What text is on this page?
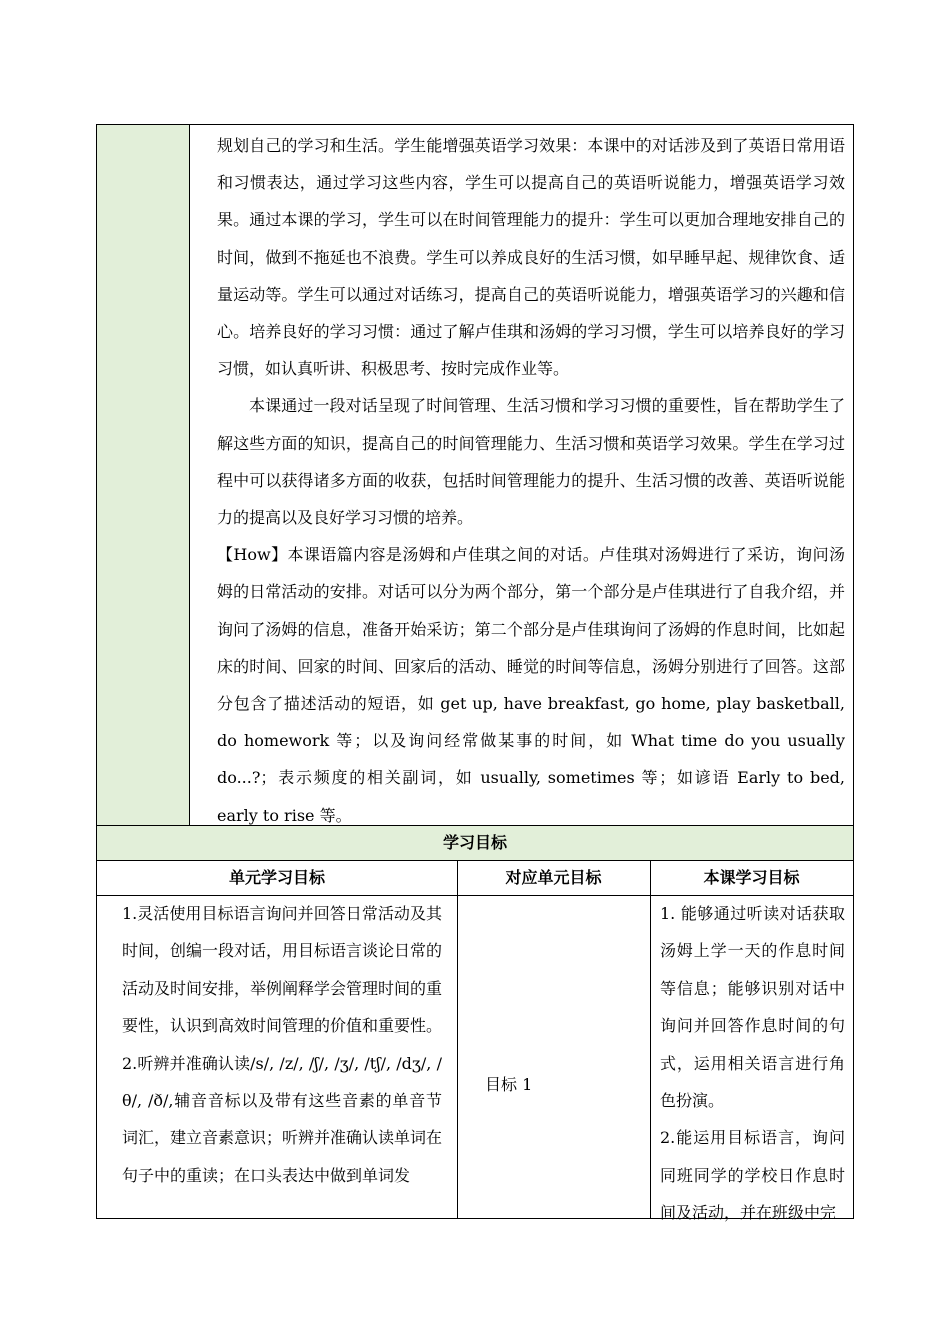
规划自己的学习和生活。学生能增强英语学习效果：本课中的对话涉及到了英语日常用语和习惯表达，通过学习这些内容，学生可以提高自己的英语听说能力，增强英语学习效果。通过本课的学习，学生可以在时间管理能力的提升：学生可以更加合理地安排自己的时间，做到不拖延也不浪费。学生可以养成良好的生活习惯，如早睡早起、规律饮食、适量运动等。学生可以通过对话练习，提高自己的英语听说能力，增强英语学习的兴趣和信心。培养良好的学习习惯：通过了解卢佳琪和汤姆的学习习惯，学生可以培养良好的学习习惯，如认真听讲、积极思考、按时完成作业等。

本课通过一段对话呈现了时间管理、生活习惯和学习习惯的重要性，旨在帮助学生了解这些方面的知识，提高自己的时间管理能力、生活习惯和英语学习效果。学生在学习过程中可以获得诸多方面的收获，包括时间管理能力的提升、生活习惯的改善、英语听说能力的提高以及良好学习习惯的培养。

【How】本课语篇内容是汤姆和卢佳琪之间的对话。卢佳琪对汤姆进行了采访，询问汤姆的日常活动的安排。对话可以分为两个部分，第一个部分是卢佳琪进行了自我介绍，并询问了汤姆的信息，准备开始采访；第二个部分是卢佳琪询问了汤姆的作息时间，比如起床的时间、回家的时间、回家后的活动、睡觉的时间等信息，汤姆分别进行了回答。这部分包含了描述活动的短语，如 get up, have breakfast, go home, play basketball, do homework 等；以及询问经常做某事的时间，如 What time do you usually do...?；表示频度的相关副词，如 usually, sometimes 等；如谚语 Early to bed, early to rise 等。

学习目标
单元学习目标	对应单元目标	本课学习目标

1.灵活使用目标语言询问并回答日常活动及其时间，创编一段对话，用目标语言谈论日常的活动及时间安排，举例阐释学会管理时间的重要性，认识到高效时间管理的价值和重要性。

2.听辨并准确认读/s/, /z/, /ʃ/, /ʒ/, /tʃ/, /dʒ/, /θ/, /ð/,辅音音标以及带有这些音素的单音节词汇，建立音素意识；听辨并准确认读单词在句子中的重读；在口头表达中做到单词发

目标 1

1. 能够通过听读对话获取汤姆上学一天的作息时间等信息；能够识别对话中询问并回答作息时间的句式，运用相关语言进行角色扮演。

2.能运用目标语言，询问同班同学的学校日作息时间及活动，并在班级中完
